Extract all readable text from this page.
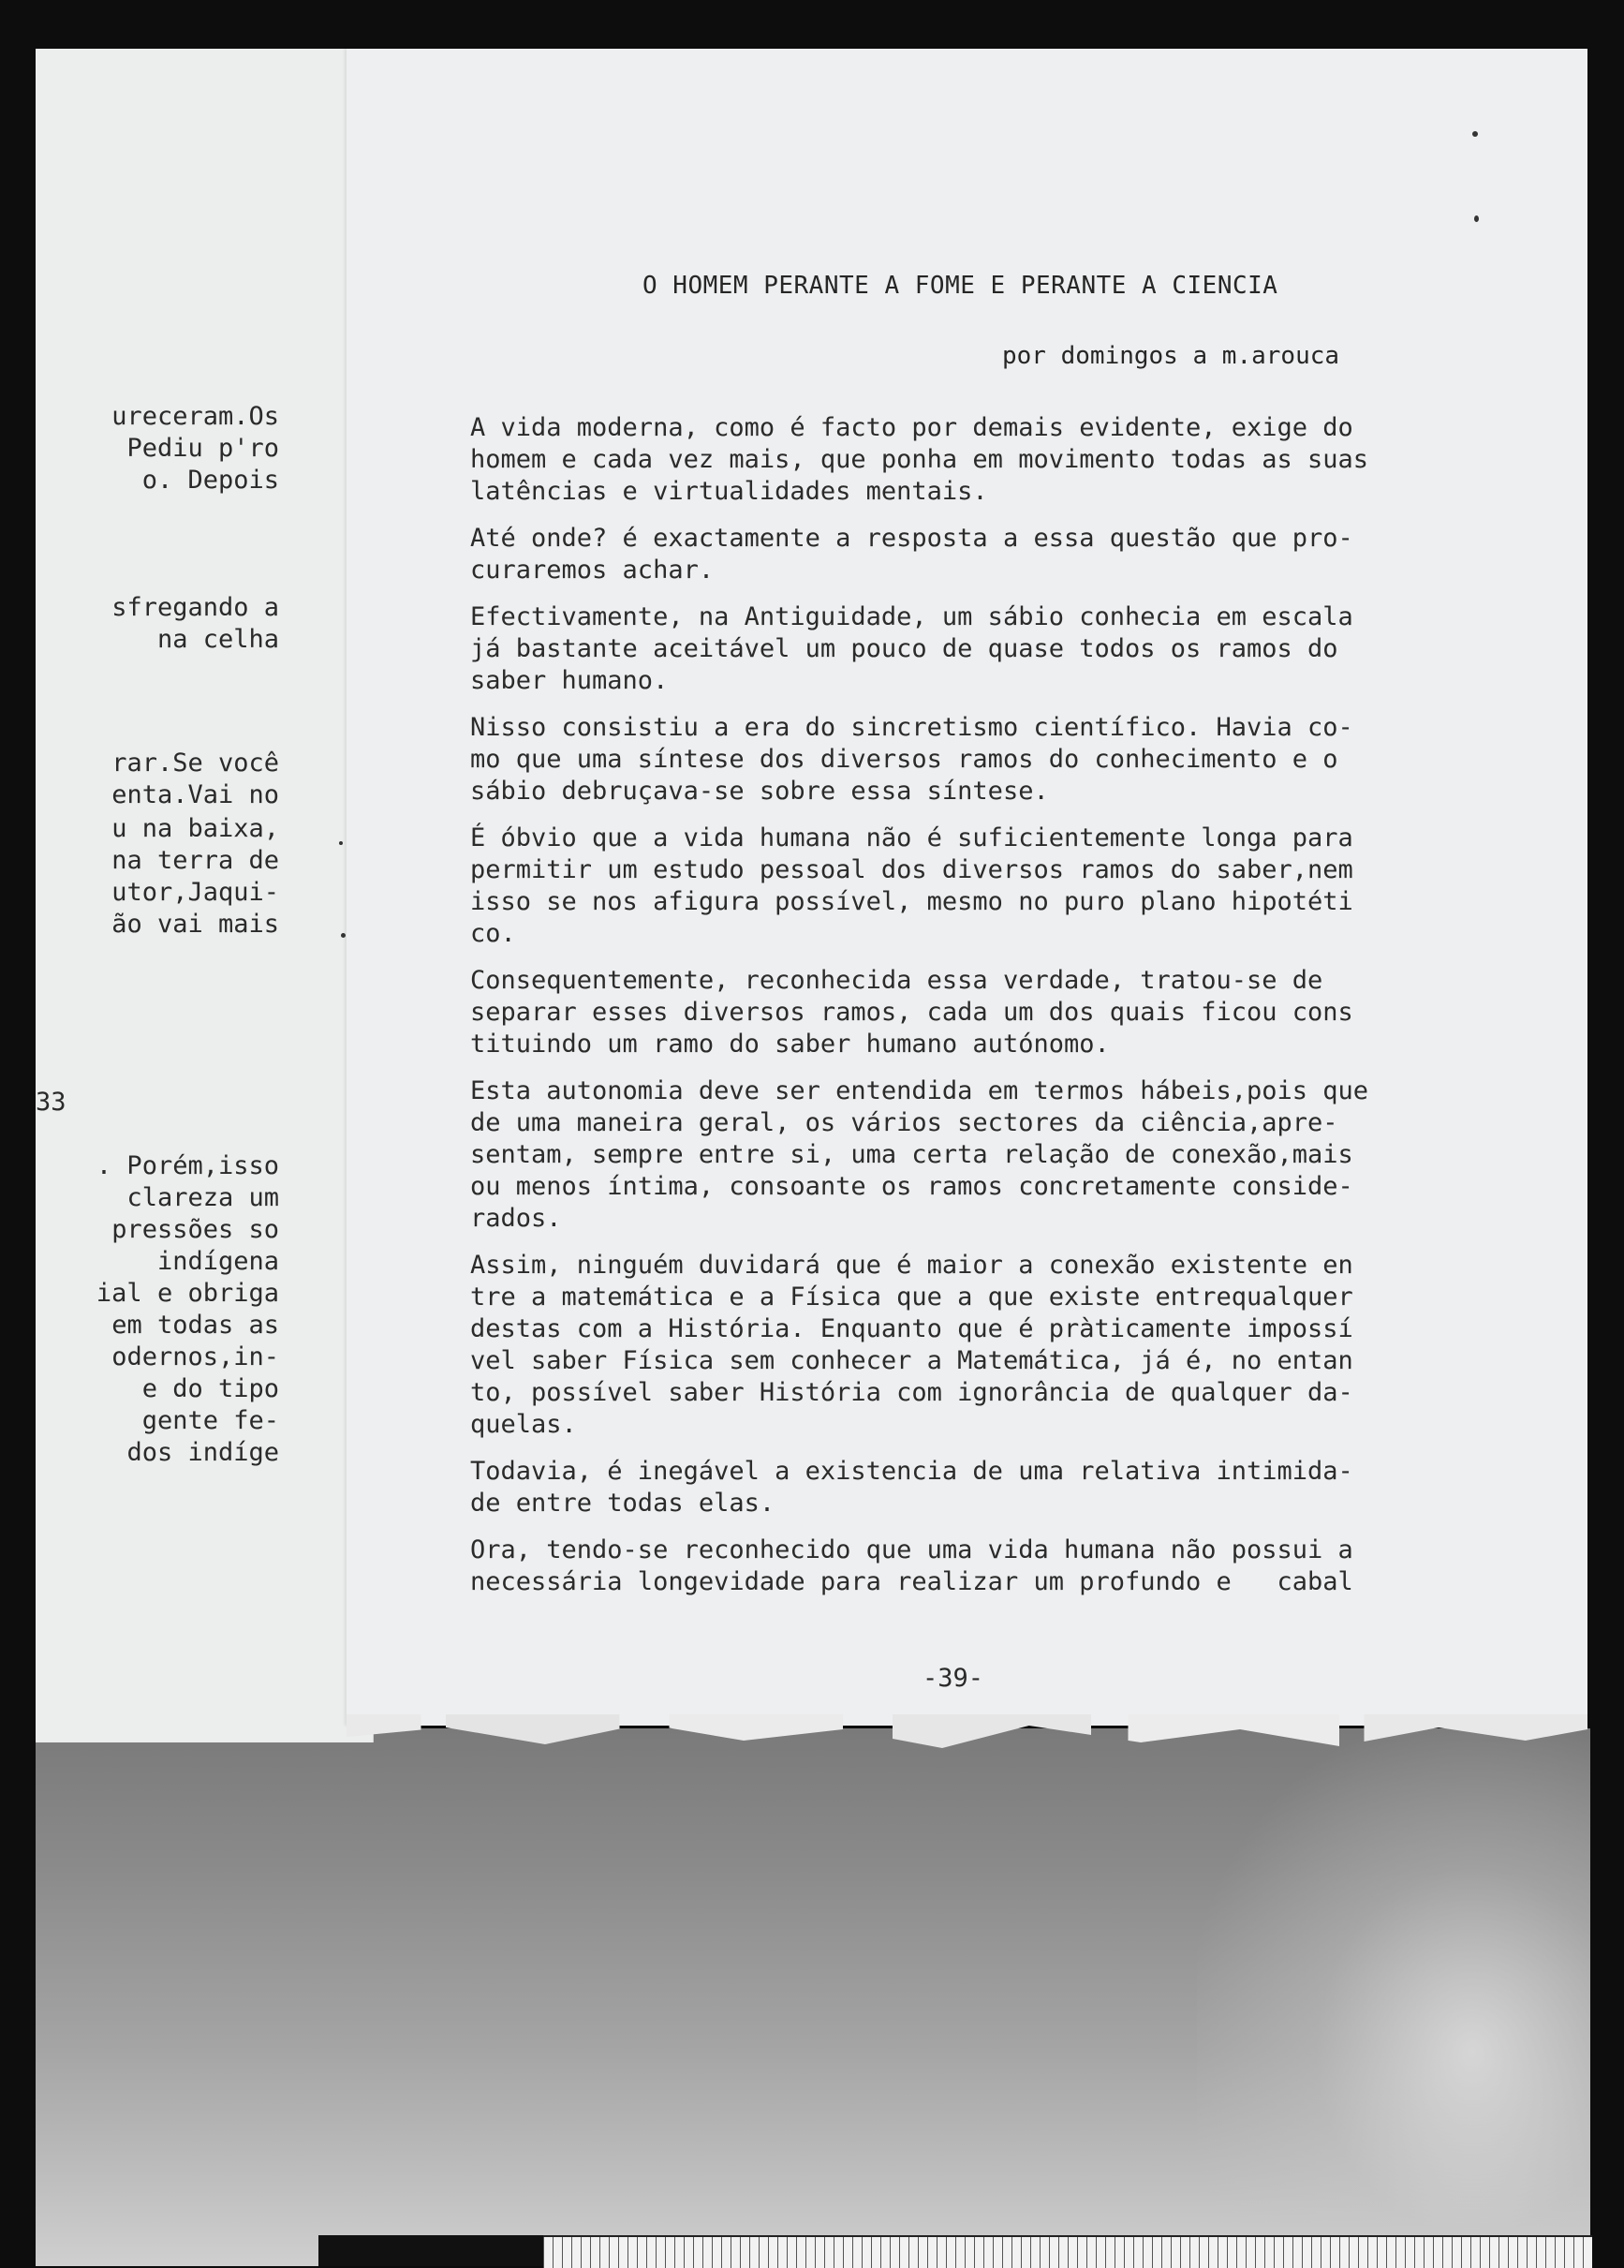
ureceram.Os
Pediu p'ro
o. Depois
sfregando a
na celha
rar.Se você
enta.Vai no
u na baixa,
na terra de
utor,Jaqui-
ão vai mais
33
. Porém,isso
clareza um
pressões so
indígena
ial e obriga
em todas as
odernos,in-
e do tipo
gente fe-
dos indíge
O HOMEM PERANTE A FOME E PERANTE A CIENCIA
por domingos a m.arouca
A vida moderna, como é facto por demais evidente, exige do
homem e cada vez mais, que ponha em movimento todas as suas
latências e virtualidades mentais.
Até onde? é exactamente a resposta a essa questão que pro-
curaremos achar.
Efectivamente, na Antiguidade, um sábio conhecia em escala
já bastante aceitável um pouco de quase todos os ramos do
saber humano.
Nisso consistiu a era do sincretismo científico. Havia co-
mo que uma síntese dos diversos ramos do conhecimento e o
sábio debruçava-se sobre essa síntese.
É óbvio que a vida humana não é suficientemente longa para
permitir um estudo pessoal dos diversos ramos do saber,nem
isso se nos afigura possível, mesmo no puro plano hipotéti
co.
Consequentemente, reconhecida essa verdade, tratou-se de
separar esses diversos ramos, cada um dos quais ficou cons
tituindo um ramo do saber humano autónomo.
Esta autonomia deve ser entendida em termos hábeis,pois que
de uma maneira geral, os vários sectores da ciência,apre-
sentam, sempre entre si, uma certa relação de conexão,mais
ou menos íntima, consoante os ramos concretamente conside-
rados.
Assim, ninguém duvidará que é maior a conexão existente en
tre a matemática e a Física que a que existe entrequalquer
destas com a História. Enquanto que é pràticamente impossí
vel saber Física sem conhecer a Matemática, já é, no entan
to, possível saber História com ignorância de qualquer da-
quelas.
Todavia, é inegável a existencia de uma relativa intimida-
de entre todas elas.
Ora, tendo-se reconhecido que uma vida humana não possui a
necessária longevidade para realizar um profundo e   cabal
-39-
